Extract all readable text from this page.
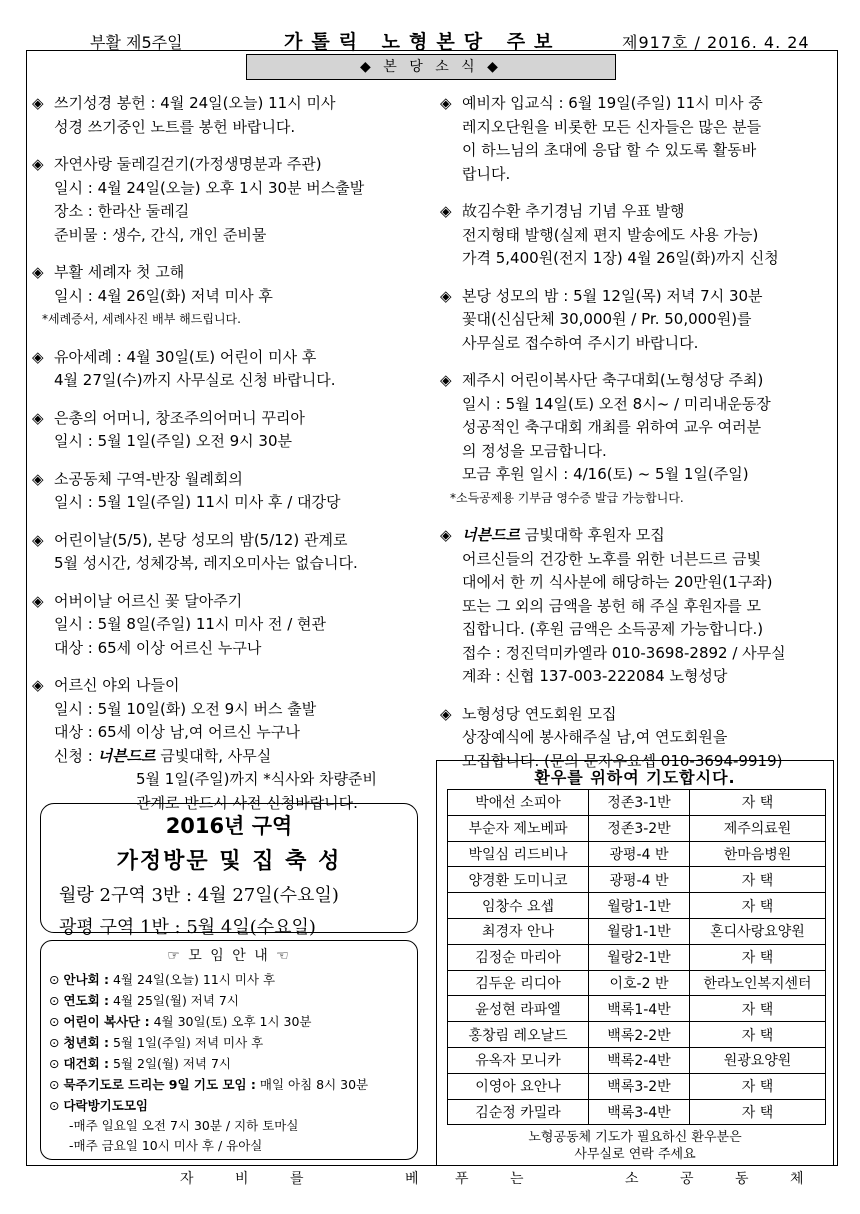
부활 제5주일	가톨릭 노형본당 주보	제917호 / 2016. 4. 24
◆ 본 당 소 식 ◆
◈ 쓰기성경 봉헌 : 4월 24일(오늘) 11시 미사
성경 쓰기중인 노트를 봉헌 바랍니다.
◈ 자연사랑 둘레길걷기(가정생명분과 주관)
일시 : 4월 24일(오늘) 오후 1시 30분 버스출발
장소 : 한라산 둘레길
준비물 : 생수, 간식, 개인 준비물
◈ 부활 세례자 첫 고해
일시 : 4월 26일(화) 저녁 미사 후
*세례증서, 세례사진 배부 해드립니다.
◈ 유아세례 : 4월 30일(토) 어린이 미사 후
4월 27일(수)까지 사무실로 신청 바랍니다.
◈ 은총의 어머니, 창조주의어머니 꾸리아
일시 : 5월 1일(주일) 오전 9시 30분
◈ 소공동체 구역-반장 월례회의
일시 : 5월 1일(주일) 11시 미사 후 / 대강당
◈ 어린이날(5/5), 본당 성모의 밤(5/12) 관계로
5월 성시간, 성체강복, 레지오미사는 없습니다.
◈ 어버이날 어르신 꽃 달아주기
일시 : 5월 8일(주일) 11시 미사 전 / 현관
대상 : 65세 이상 어르신 누구나
◈ 어르신 야외 나들이
일시 : 5월 10일(화) 오전 9시 버스 출발
대상 : 65세 이상 남,여 어르신 누구나
신청 : 너븐드르 금빛대학, 사무실
5월 1일(주일)까지 *식사와 차량준비
관계로 반드시 사전 신청바랍니다.
◈ 예비자 입교식 : 6월 19일(주일) 11시 미사 중
레지오단원을 비롯한 모든 신자들은 많은 분들
이 하느님의 초대에 응답 할 수 있도록 활동바
랍니다.
◈ 故김수환 추기경님 기념 우표 발행
전지형태 발행(실제 편지 발송에도 사용 가능)
가격 5,400원(전지 1장) 4월 26일(화)까지 신청
◈ 본당 성모의 밤 : 5월 12일(목) 저녁 7시 30분
꽃대(신심단체 30,000원 / Pr. 50,000원)를
사무실로 접수하여 주시기 바랍니다.
◈ 제주시 어린이복사단 축구대회(노형성당 주최)
일시 : 5월 14일(토) 오전 8시~ / 미리내운동장
성공적인 축구대회 개최를 위하여 교우 여러분
의 정성을 모금합니다.
모금 후원 일시 : 4/16(토) ~ 5월 1일(주일)
*소득공제용 기부금 영수증 발급 가능합니다.
◈ 너븐드르 금빛대학 후원자 모집
어르신들의 건강한 노후를 위한 너븐드르 금빛
대에서 한 끼 식사분에 해당하는 20만원(1구좌)
또는 그 외의 금액을 봉헌 해 주실 후원자를 모
집합니다. (후원 금액은 소득공제 가능합니다.)
접수 : 정진덕미카엘라 010-3698-2892 / 사무실
계좌 : 신협 137-003-222084 노형성당
◈ 노형성당 연도회원 모집
상장예식에 봉사해주실 남,여 연도회원을
모집합니다. (문의 문자우요셉 010-3694-9919)
2016년 구역
가정방문 및 집 축 성
월랑 2구역 3반 : 4월 27일(수요일)
광평 구역 1반 : 5월 4일(수요일)
☞ 모 임 안 내 ☜
⊙ 안나회 : 4월 24일(오늘) 11시 미사 후
⊙ 연도회 : 4월 25일(월) 저녁 7시
⊙ 어린이 복사단 : 4월 30일(토) 오후 1시 30분
⊙ 청년회 : 5월 1일(주일) 저녁 미사 후
⊙ 대건회 : 5월 2일(월) 저녁 7시
⊙ 묵주기도로 드리는 9일 기도 모임 : 매일 아침 8시 30분
⊙ 다락방기도모임
-매주 일요일 오전 7시 30분 / 지하 토마실
-매주 금요일 10시 미사 후 / 유아실
환우를 위하여 기도합시다.
박애선 소피아	정존3-1반	자 택
부순자 제노베파	정존3-2반	제주의료원
박일심 리드비나	광평-4 반	한마음병원
양경환 도미니코	광평-4 반	자 택
임창수 요셉	월랑1-1반	자 택
최경자 안나	월랑1-1반	혼디사랑요양원
김정순 마리아	월랑2-1반	자 택
김두운 리디아	이호-2 반	한라노인복지센터
윤성현 라파엘	백록1-4반	자 택
홍창림 레오날드	백록2-2반	자 택
유옥자 모니카	백록2-4반	원광요양원
이영아 요안나	백록3-2반	자 택
김순정 카밀라	백록3-4반	자 택
노형공동체 기도가 필요하신 환우분은
사무실로 연락 주세요
자	비	를	베	푸	는	소	공	동	체
